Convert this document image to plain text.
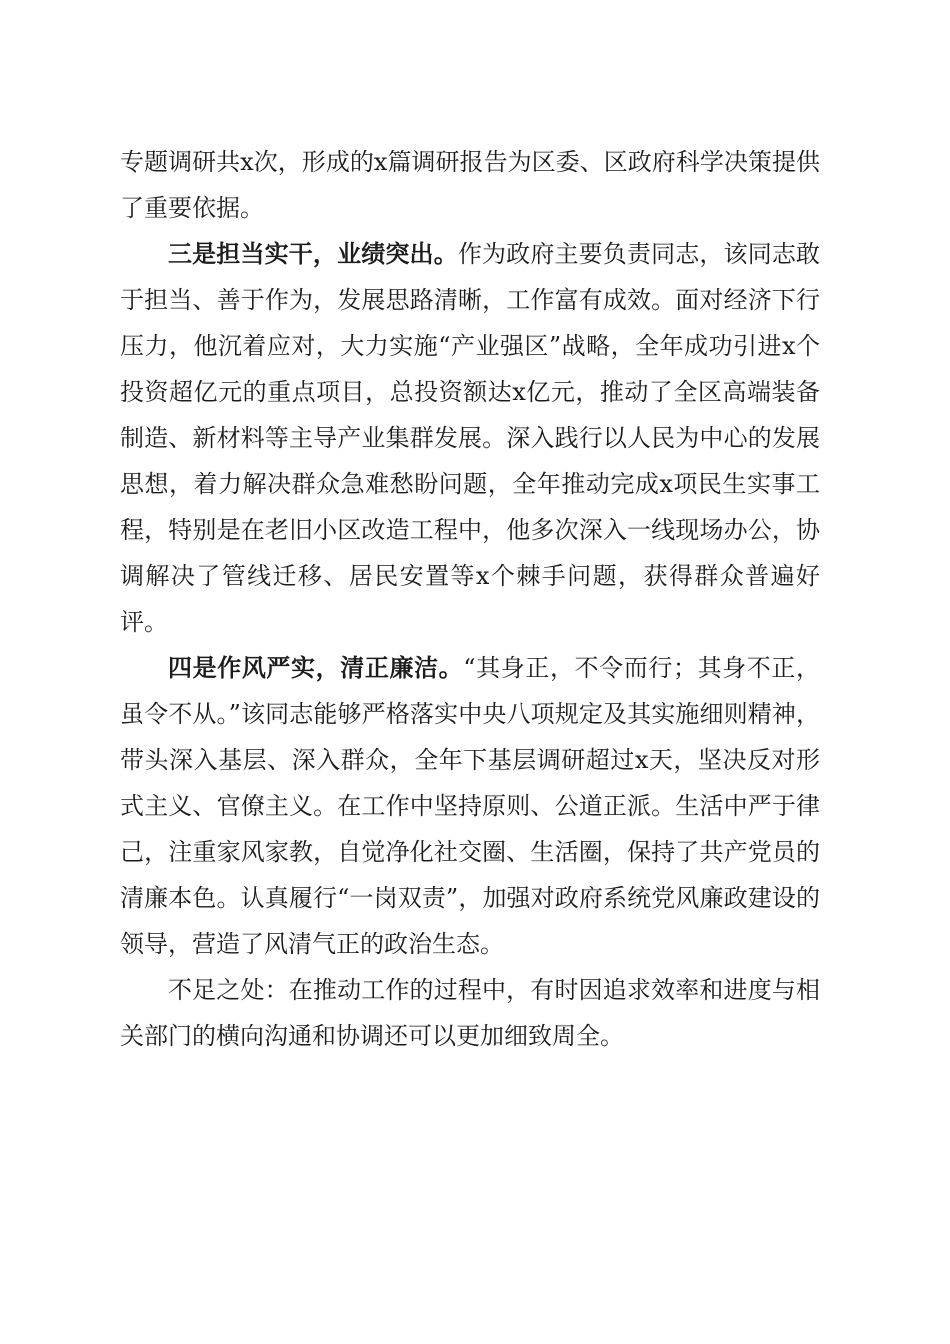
专题调研共x次，形成的x篇调研报告为区委、区政府科学决策提供了重要依据。

三是担当实干，业绩突出。作为政府主要负责同志，该同志敢于担当、善于作为，发展思路清晰，工作富有成效。面对经济下行压力，他沉着应对，大力实施“产业强区”战略，全年成功引进x个投资超亿元的重点项目，总投资额达x亿元，推动了全区高端装备制造、新材料等主导产业集群发展。深入践行以人民为中心的发展思想，着力解决群众急难愁盼问题，全年推动完成x项民生实事工程，特别是在老旧小区改造工程中，他多次深入一线现场办公，协调解决了管线迁移、居民安置等x个棘手问题，获得群众普遍好评。

四是作风严实，清正廉洁。“其身正，不令而行；其身不正，虽令不从。”该同志能够严格落实中央八项规定及其实施细则精神，带头深入基层、深入群众，全年下基层调研超过x天，坚决反对形式主义、官僚主义。在工作中坚持原则、公道正派。生活中严于律己，注重家风家教，自觉净化社交圈、生活圈，保持了共产党员的清廉本色。认真履行“一岗双责”，加强对政府系统党风廉政建设的领导，营造了风清气正的政治生态。

不足之处：在推动工作的过程中，有时因追求效率和进度与相关部门的横向沟通和协调还可以更加细致周全。
